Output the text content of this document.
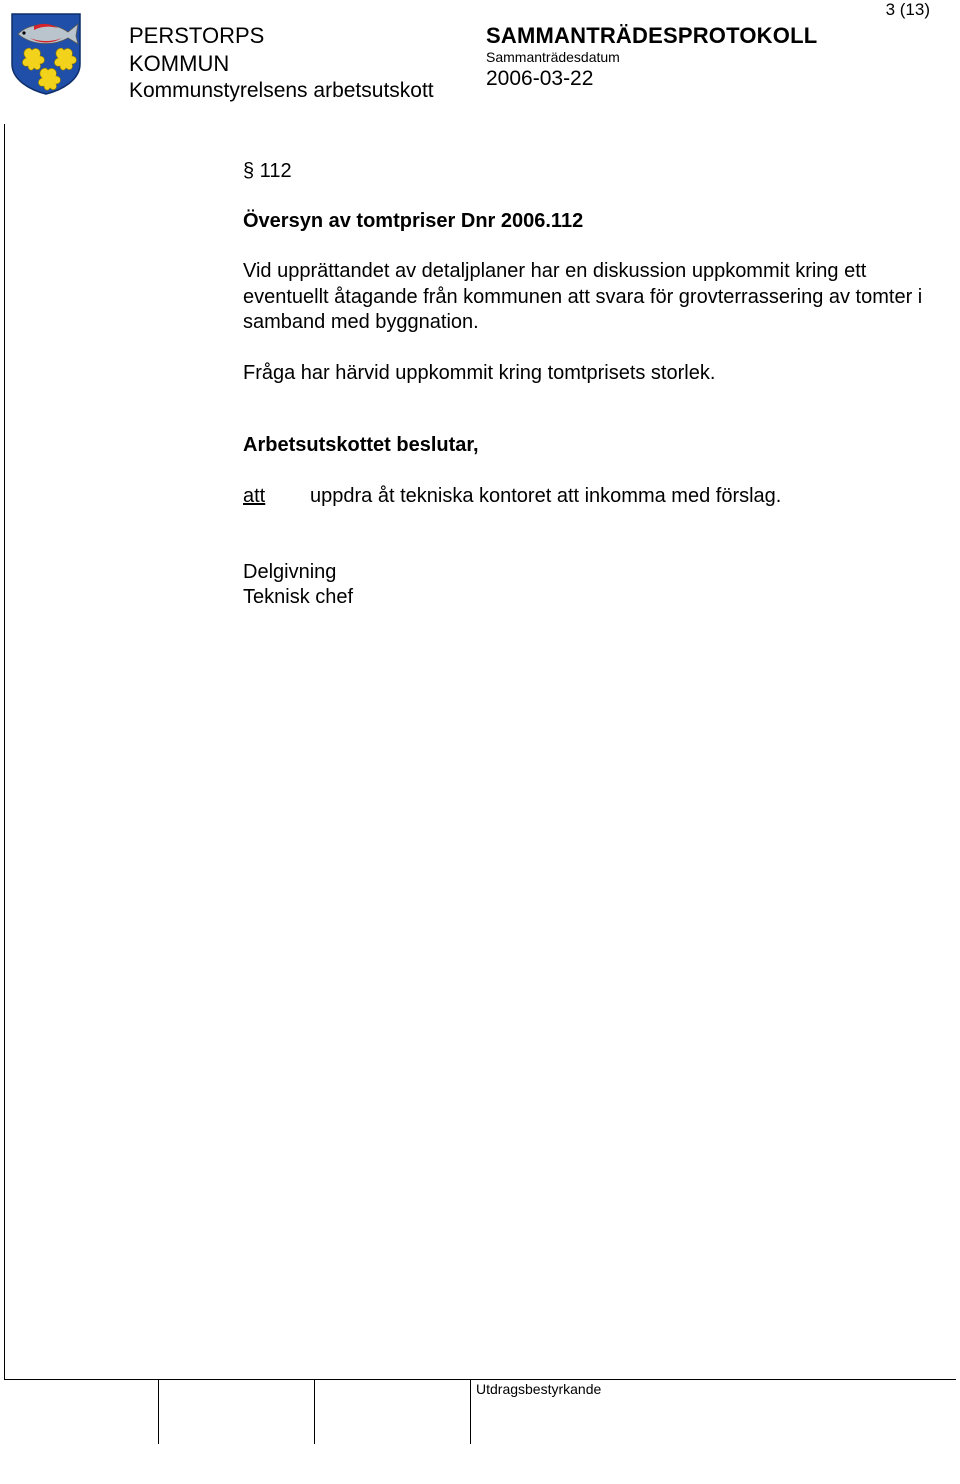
PERSTORPS
KOMMUN
Kommunstyrelsens arbetsutskott
SAMMANTRÄDESPROTOKOLL
Sammanträdesdatum
2006-03-22
3 (13)
Utdragsbestyrkande
§ 112
Översyn av tomtpriser Dnr 2006.112
Vid upprättandet av detaljplaner har en diskussion uppkommit kring ett eventuellt åtagande från kommunen att svara för grovterrassering av tomter i samband med byggnation.
Fråga har härvid uppkommit kring tomtprisets storlek.
Arbetsutskottet beslutar,
att uppdra åt tekniska kontoret att inkomma med förslag.
Delgivning
Teknisk chef
